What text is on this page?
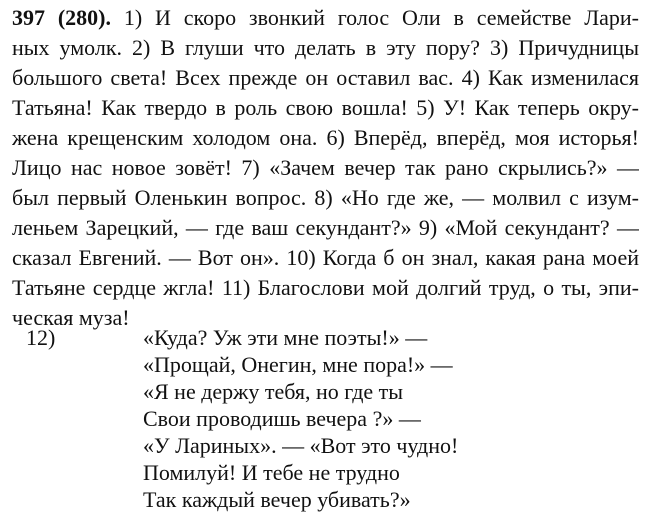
397 (280). 1) И скоро звонкий голос Оли в семействе Лари-

ных умолк. 2) В глуши что делать в эту пору? 3) Причудницы

большого света! Всех прежде он оставил вас. 4) Как изменилася

Татьяна! Как твердо в роль свою вошла! 5) У! Как теперь окру-

жена крещенским холодом она. 6) Вперёд, вперёд, моя исторья!

Лицо нас новое зовёт! 7) «Зачем вечер так рано скрылись?» —

был первый Оленькин вопрос. 8) «Но где же, — молвил с изум-

леньем Зарецкий, — где ваш секундант?» 9) «Мой секундант? —

сказал Евгений. — Вот он». 10) Когда б он знал, какая рана моей

Татьяне сердце жгла! 11) Благослови мой долгий труд, о ты, эпи-

ческая муза!

12)	«Куда? Уж эти мне поэты!» —

«Прощай, Онегин, мне пора!» —

«Я не держу тебя, но где ты

Свои проводишь вечера ?» —

«У Лариных». — «Вот это чудно!

Помилуй! И тебе не трудно

Так каждый вечер убивать?»
